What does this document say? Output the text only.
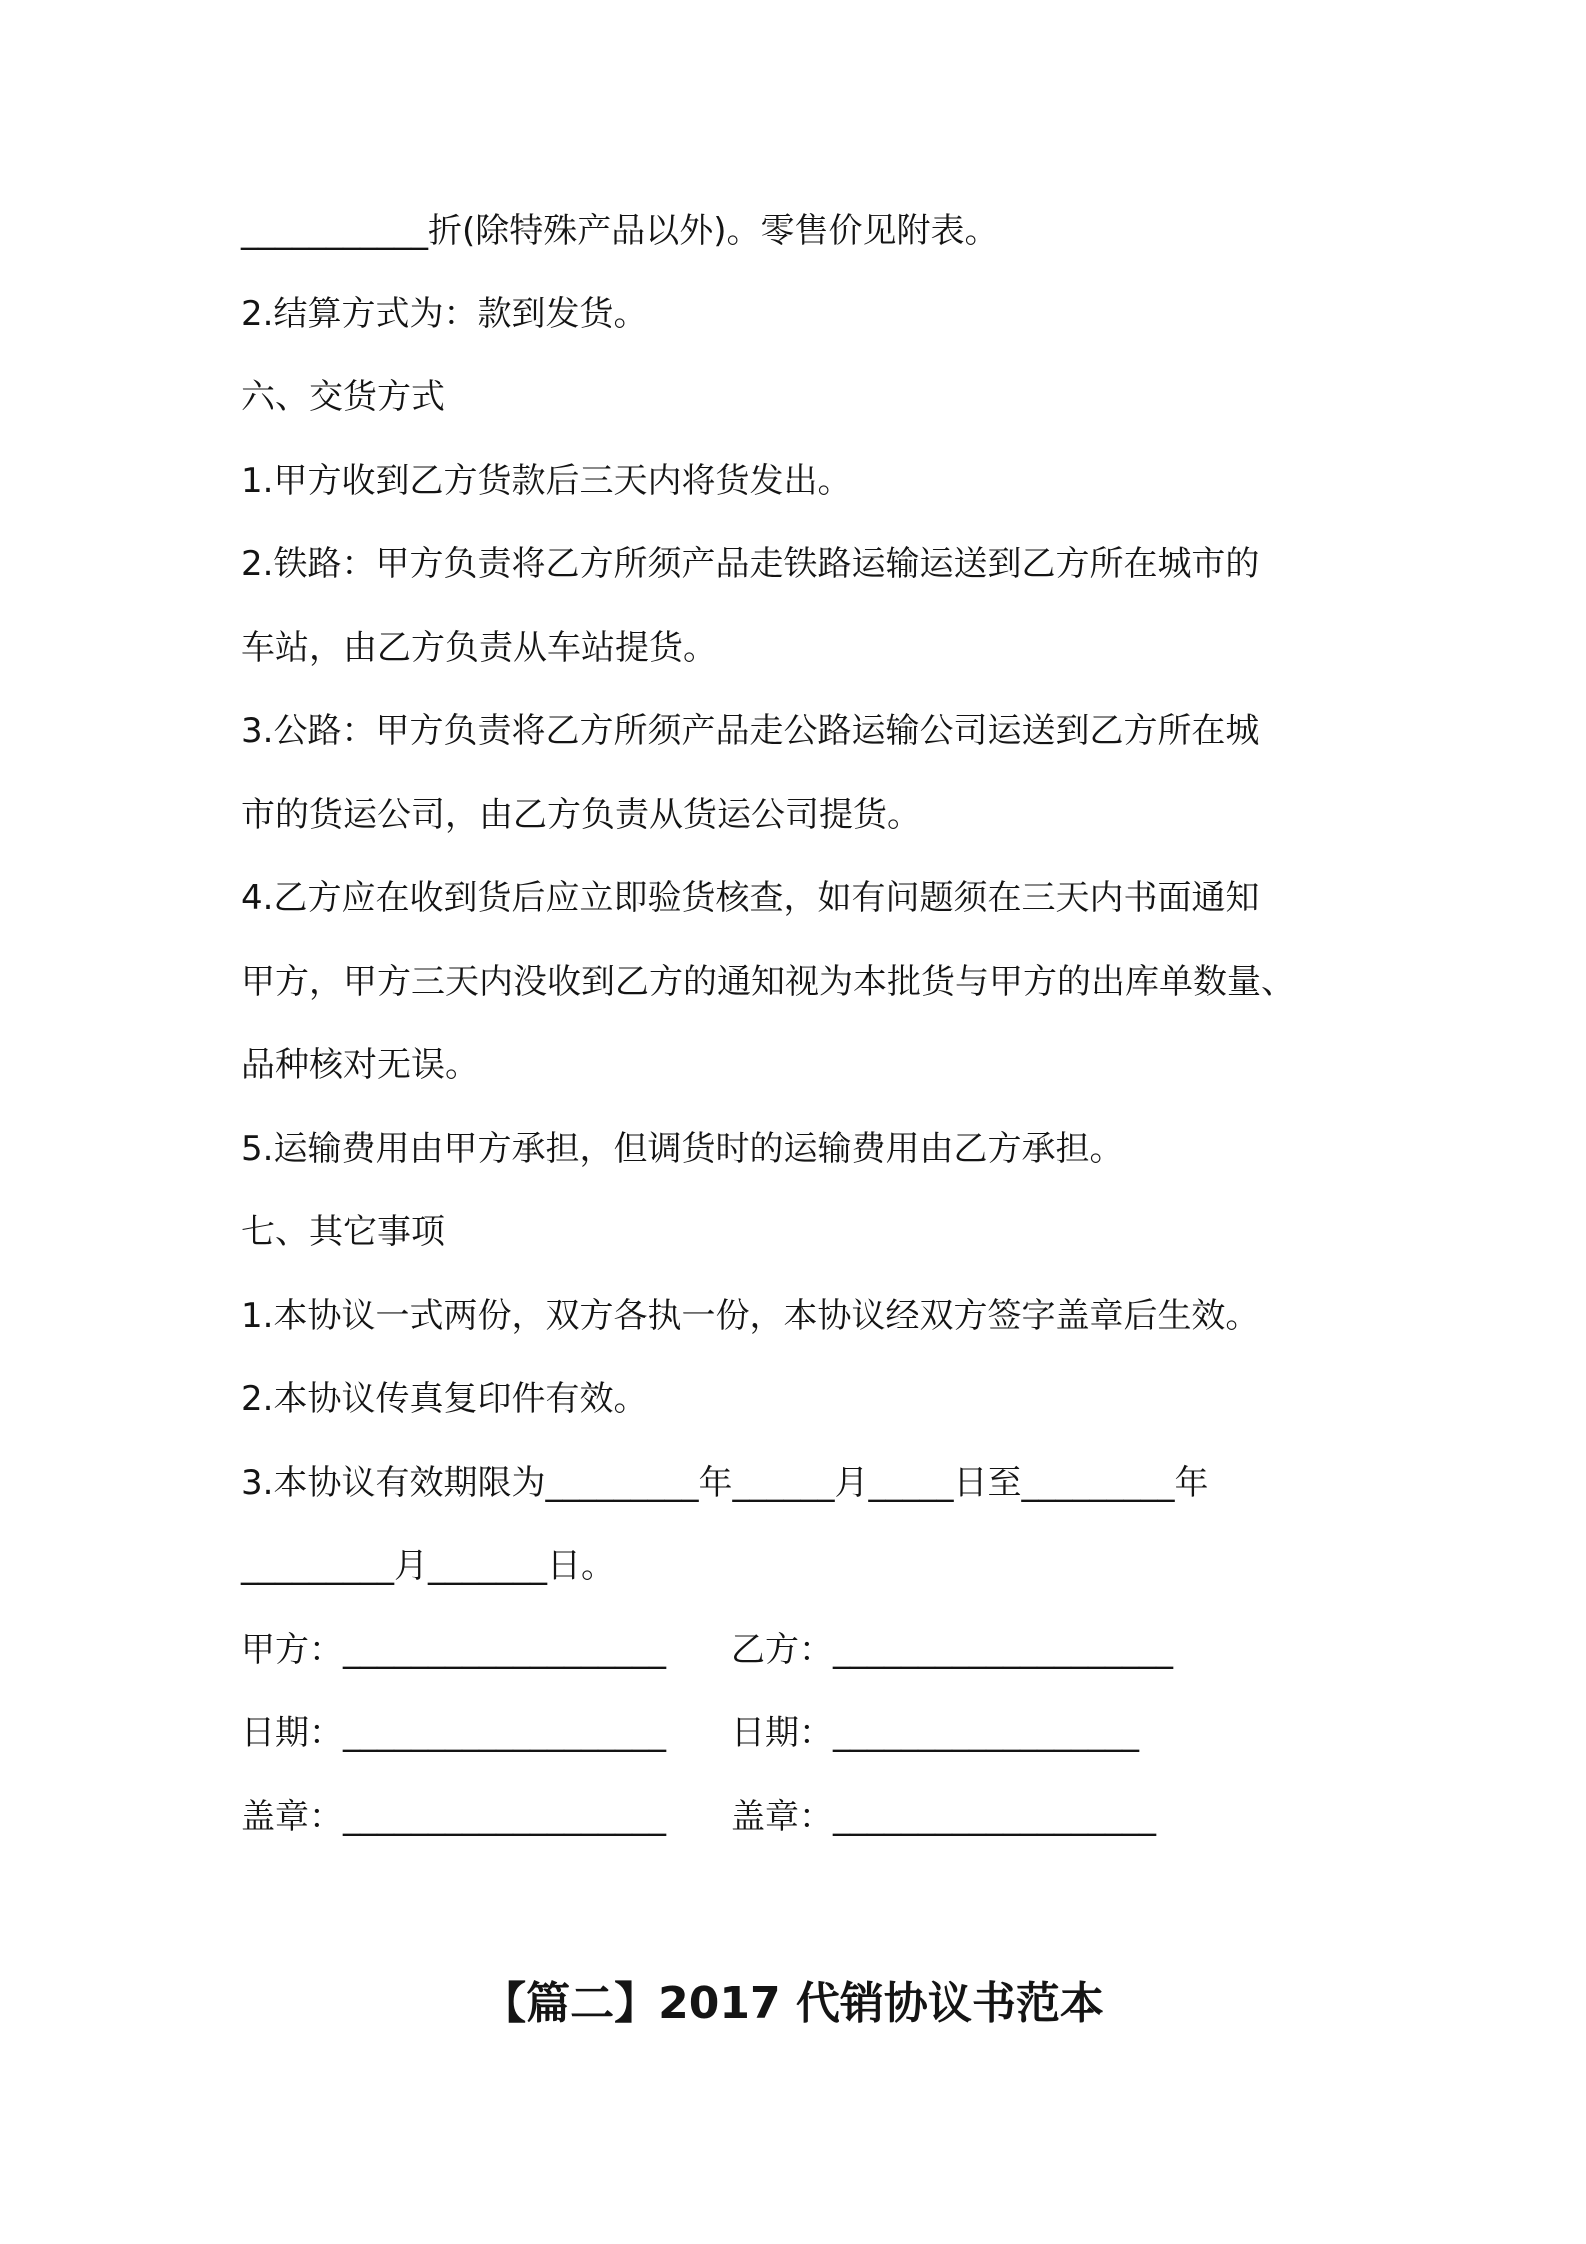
___________折(除特殊产品以外)。零售价见附表。
2.结算方式为：款到发货。
六、交货方式
1.甲方收到乙方货款后三天内将货发出。
2.铁路：甲方负责将乙方所须产品走铁路运输运送到乙方所在城市的
车站，由乙方负责从车站提货。
3.公路：甲方负责将乙方所须产品走公路运输公司运送到乙方所在城
市的货运公司，由乙方负责从货运公司提货。
4.乙方应在收到货后应立即验货核查，如有问题须在三天内书面通知
甲方，甲方三天内没收到乙方的通知视为本批货与甲方的出库单数量、
品种核对无误。
5.运输费用由甲方承担，但调货时的运输费用由乙方承担。
七、其它事项
1.本协议一式两份，双方各执一份，本协议经双方签字盖章后生效。
2.本协议传真复印件有效。
3.本协议有效期限为_________年______月_____日至_________年
_________月_______日。
甲方：___________________ 乙方：____________________
日期：___________________ 日期：__________________
盖章：___________________ 盖章：___________________
【篇二】2017 代销协议书范本
